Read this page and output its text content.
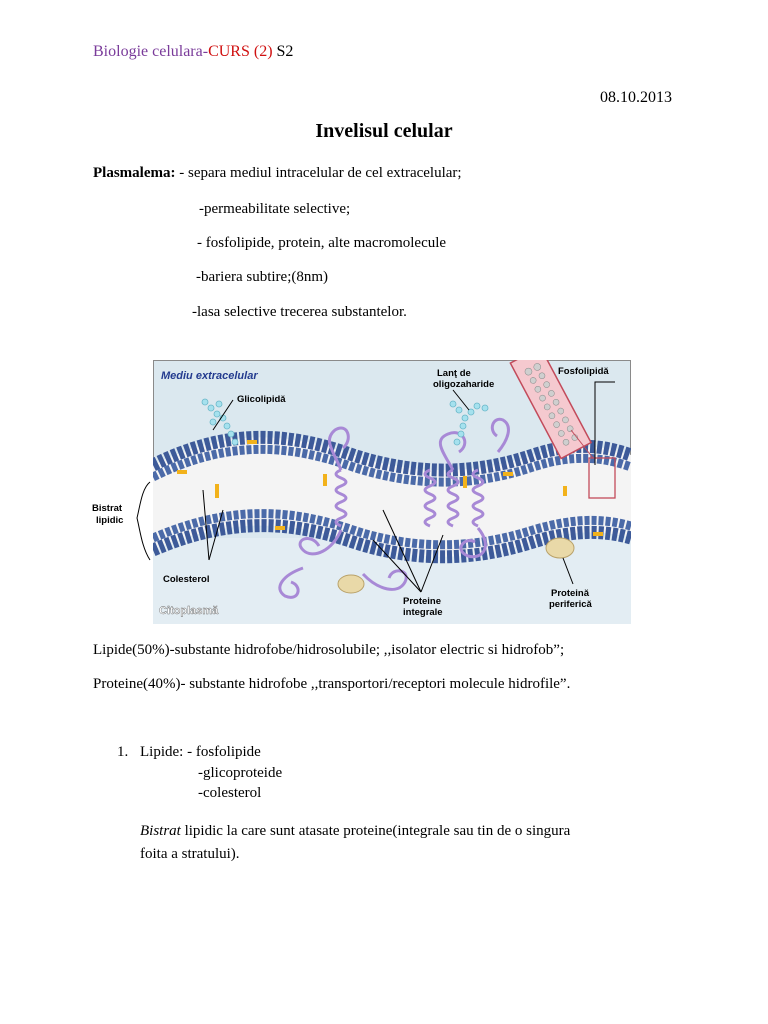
Biologie celulara-CURS (2) S2
08.10.2013
Invelisul celular
Plasmalema: - separa mediul intracelular de cel extracelular;
-permeabilitate selective;
- fosfolipide, protein, alte macromolecule
-bariera subtire;(8nm)
-lasa selective trecerea substantelor.
Mediu extracelular
Glicolipidă
Lanţ de
oligozaharide
Fosfolipidă
Colesterol
Citoplasmă
Proteine
integrale
Proteină
periferică
Bistrat
lipidic
Lipide(50%)-substante hidrofobe/hidrosolubile; ,,isolator electric si hidrofob”;
Proteine(40%)- substante hidrofobe ,,transportori/receptori molecule hidrofile”.
1. Lipide: - fosfolipide
-glicoproteide
-colesterol
Bistrat lipidic la care sunt atasate proteine(integrale sau tin de o singura
foita a stratului).
